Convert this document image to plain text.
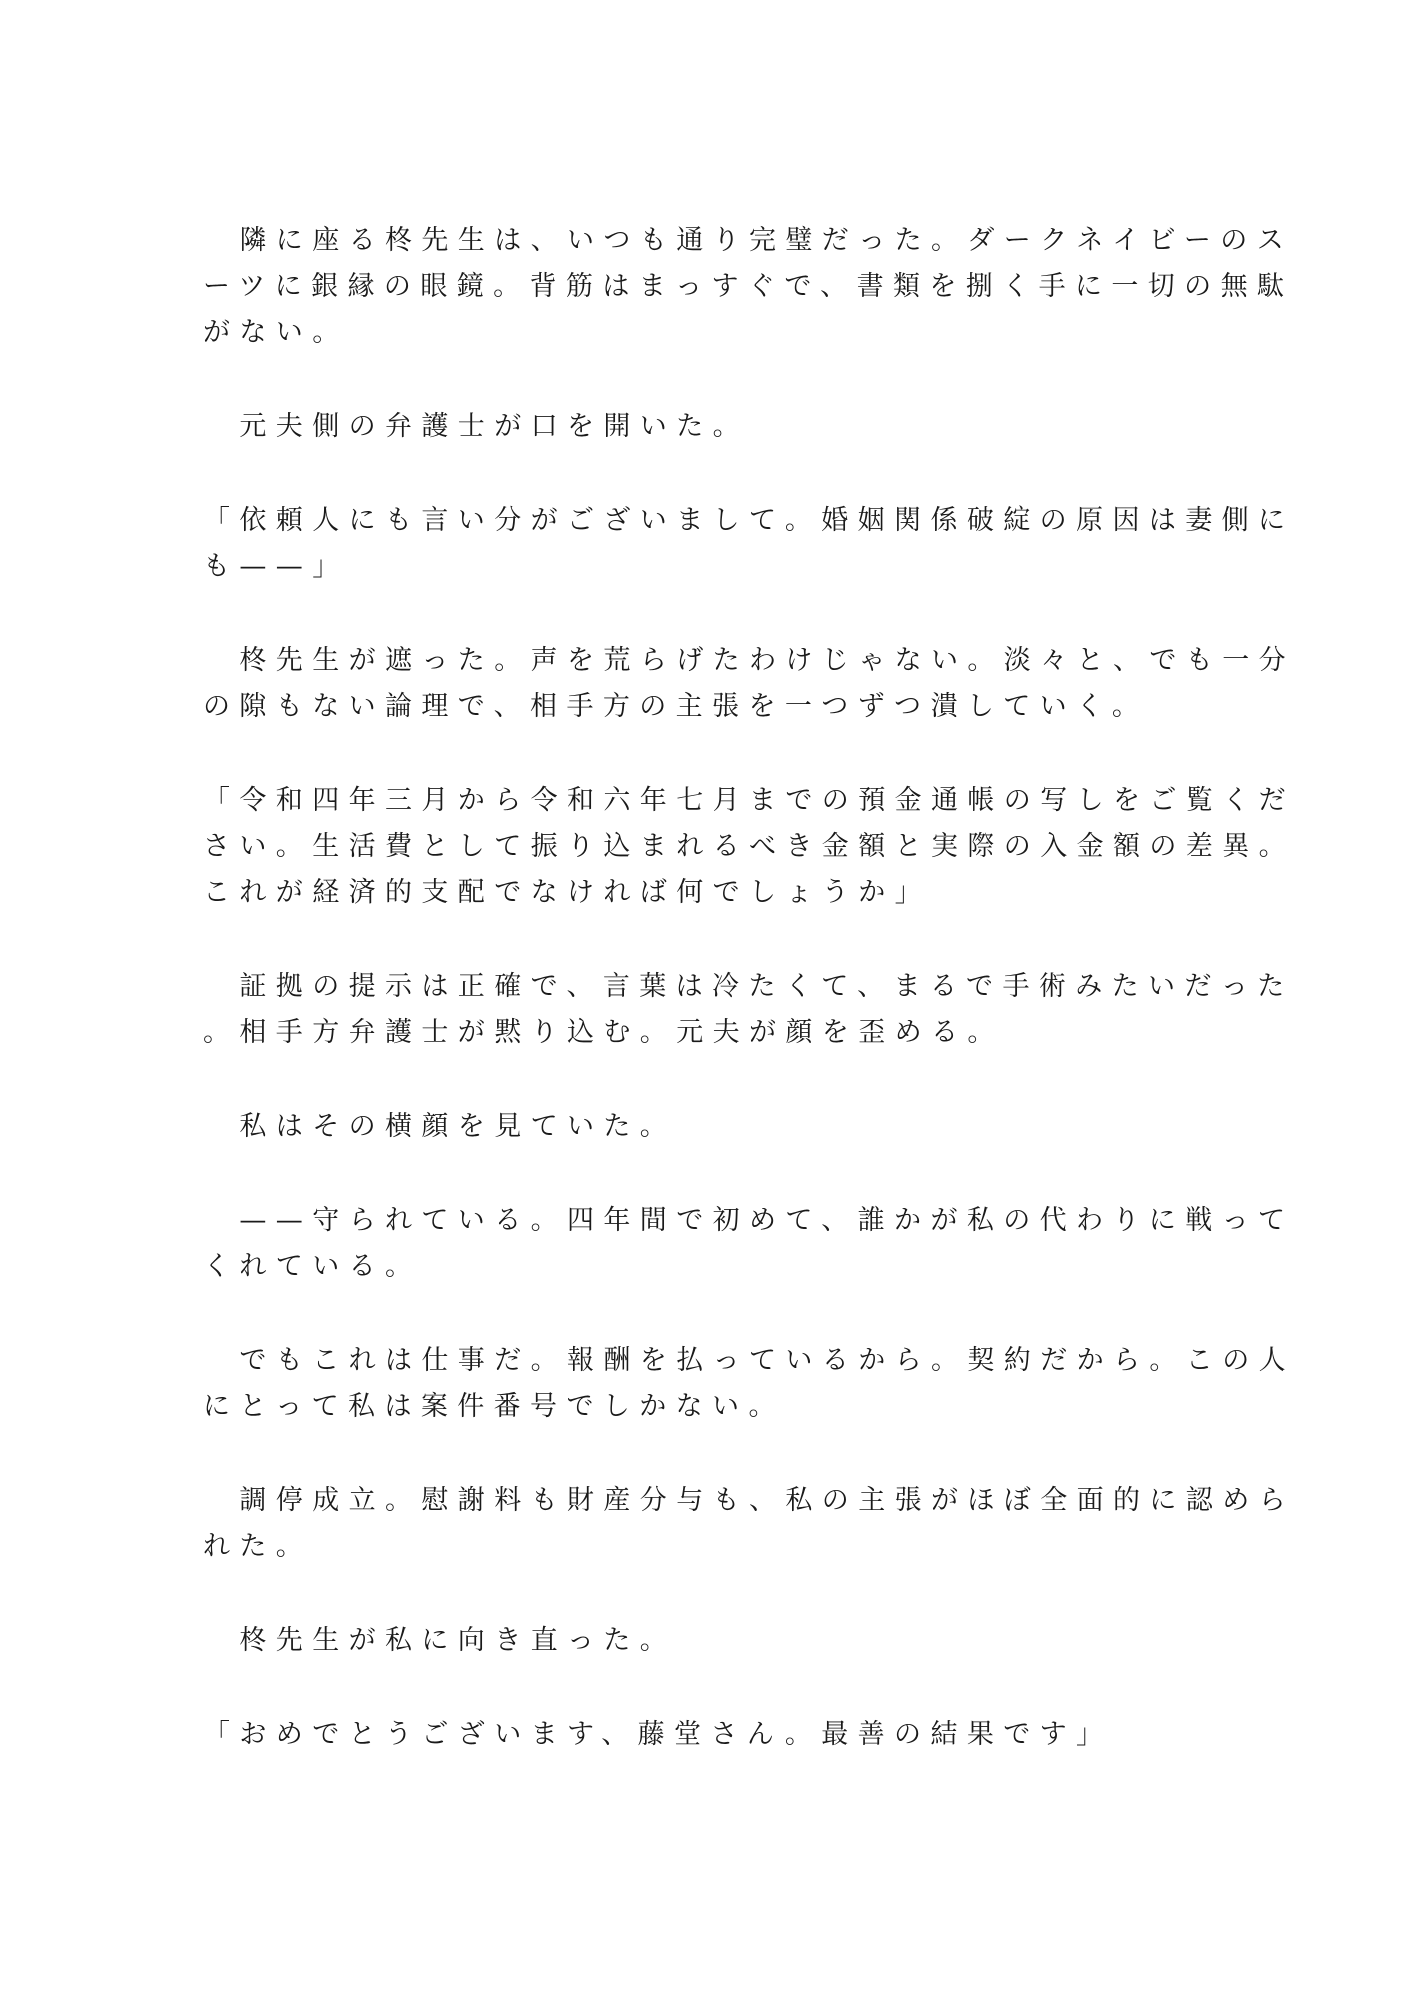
　隣に座る柊先生は、いつも通り完璧だった。ダークネイビーのス
ーツに銀縁の眼鏡。背筋はまっすぐで、書類を捌く手に一切の無駄
がない。
　元夫側の弁護士が口を開いた。
「依頼人にも言い分がございまして。婚姻関係破綻の原因は妻側に
も——」
　柊先生が遮った。声を荒らげたわけじゃない。淡々と、でも一分
の隙もない論理で、相手方の主張を一つずつ潰していく。
「令和四年三月から令和六年七月までの預金通帳の写しをご覧くだ
さい。生活費として振り込まれるべき金額と実際の入金額の差異。
これが経済的支配でなければ何でしょうか」
　証拠の提示は正確で、言葉は冷たくて、まるで手術みたいだった
。相手方弁護士が黙り込む。元夫が顔を歪める。
　私はその横顔を見ていた。
　——守られている。四年間で初めて、誰かが私の代わりに戦って
くれている。
　でもこれは仕事だ。報酬を払っているから。契約だから。この人
にとって私は案件番号でしかない。
　調停成立。慰謝料も財産分与も、私の主張がほぼ全面的に認めら
れた。
　柊先生が私に向き直った。
「おめでとうございます、藤堂さん。最善の結果です」
